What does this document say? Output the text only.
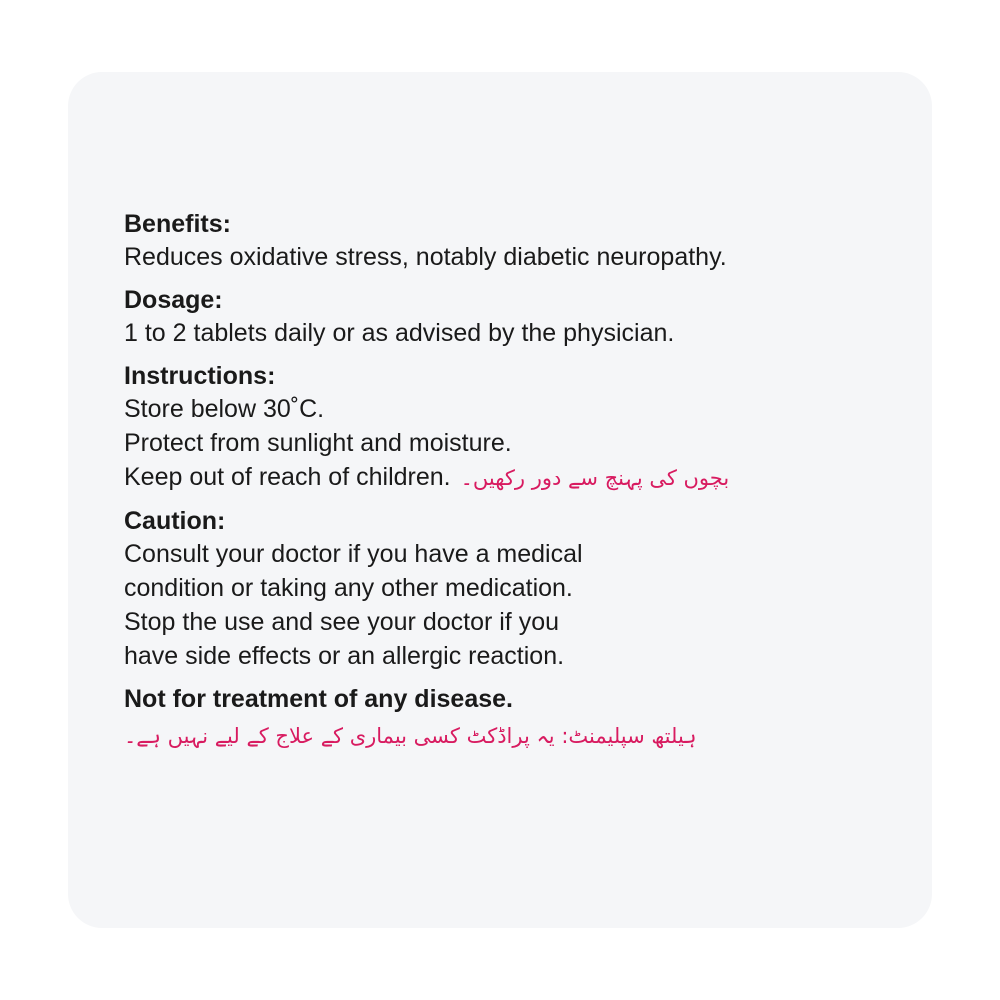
Benefits:

Reduces oxidative stress, notably diabetic neuropathy.

Dosage:

1 to 2 tablets daily or as advised by the physician.

Instructions:

Store below 30˚C.

Protect from sunlight and moisture.

Keep out of reach of children. بچوں کی پہنچ سے دور رکھیں۔

Caution:

Consult your doctor if you have a medical

condition or taking any other medication.

Stop the use and see your doctor if you

have side effects or an allergic reaction.

Not for treatment of any disease.

ہیلتھ سپلیمنٹ: یہ پراڈکٹ کسی بیماری کے علاج کے لیے نہیں ہے۔
